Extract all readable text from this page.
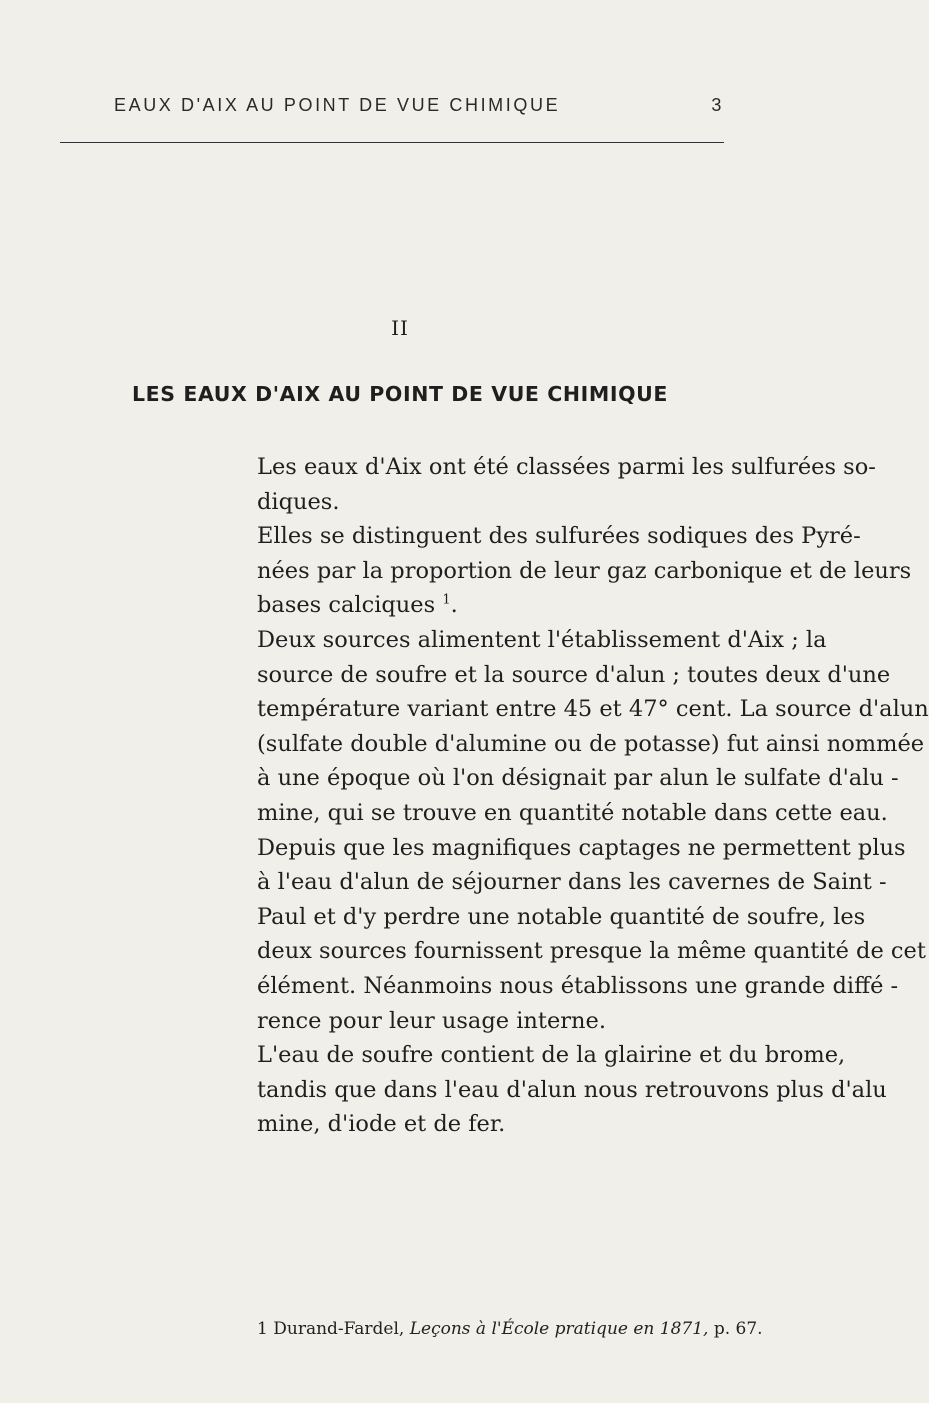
EAUX D'AIX AU POINT DE VUE CHIMIQUE	3
II
LES EAUX D'AIX AU POINT DE VUE CHIMIQUE

Les eaux d'Aix ont été classées parmi les sulfurées so-
diques.

Elles se distinguent des sulfurées sodiques des Pyré-
nées par la proportion de leur gaz carbonique et de leurs
bases calciques $^1$.

Deux sources alimentent l'établissement d'Aix ; la
source de soufre et la source d'alun ; toutes deux d'une
température variant entre 45 et 47° cent. La source d'alun
(sulfate double d'alumine ou de potasse) fut ainsi nommée
à une époque où l'on désignait par alun le sulfate d'alu -
mine, qui se trouve en quantité notable dans cette eau.
Depuis que les magnifiques captages ne permettent plus
à l'eau d'alun de séjourner dans les cavernes de Saint -
Paul et d'y perdre une notable quantité de soufre, les
deux sources fournissent presque la même quantité de cet
élément. Néanmoins nous établissons une grande diffé -
rence pour leur usage interne.

L'eau de soufre contient de la glairine et du brome,
tandis que dans l'eau d'alun nous retrouvons plus d'alu
mine, d'iode et de fer.

1 Durand-Fardel, Leçons à l'École pratique en 1871, p. 67.
